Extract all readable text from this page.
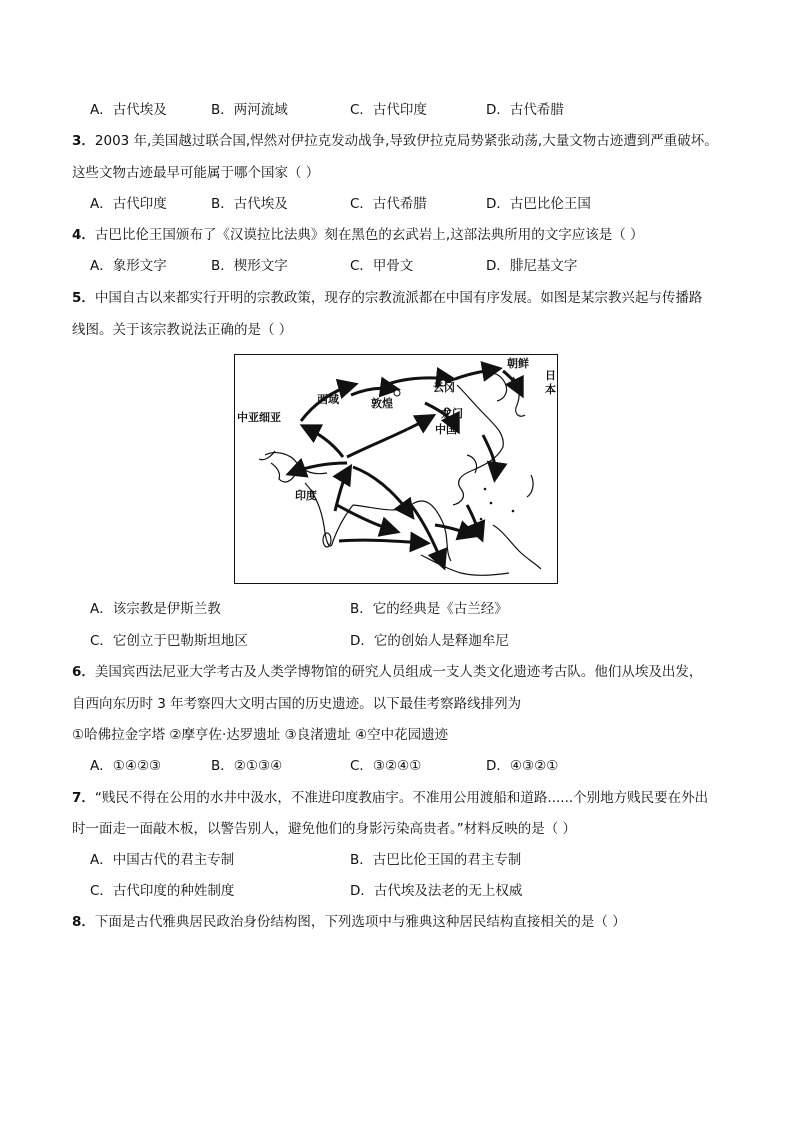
A．古代埃及	B．两河流域	C．古代印度	D．古代希腊
3．2003 年,美国越过联合国,悍然对伊拉克发动战争,导致伊拉克局势紧张动荡,大量文物古迹遭到严重破坏。
这些文物古迹最早可能属于哪个国家（ ）
A．古代印度	B．古代埃及	C．古代希腊	D．古巴比伦王国
4．古巴比伦王国颁布了《汉谟拉比法典》刻在黑色的玄武岩上,这部法典所用的文字应该是（ ）
A．象形文字	B．楔形文字	C．甲骨文	D．腓尼基文字
5．中国自古以来都实行开明的宗教政策，现存的宗教流派都在中国有序发展。如图是某宗教兴起与传播路
线图。关于该宗教说法正确的是（ ）
朝鲜
日
本
西域
云冈
敦煌
龙门
中国
中亚细亚
印度
A．该宗教是伊斯兰教	B．它的经典是《古兰经》
C．它创立于巴勒斯坦地区	D．它的创始人是释迦牟尼
6．美国宾西法尼亚大学考古及人类学博物馆的研究人员组成一支人类文化遗迹考古队。他们从埃及出发，
自西向东历时 3 年考察四大文明古国的历史遗迹。以下最佳考察路线排列为
①哈佛拉金字塔 ②摩亨佐·达罗遗址 ③良渚遗址 ④空中花园遗迹
A．①④②③	B．②①③④	C．③②④①	D．④③②①
7．“贱民不得在公用的水井中汲水，不准进印度教庙宇。不准用公用渡船和道路......个别地方贱民要在外出
时一面走一面敲木板，以警告别人，避免他们的身影污染高贵者。”材料反映的是（ ）
A．中国古代的君主专制	B．古巴比伦王国的君主专制
C．古代印度的种姓制度	D．古代埃及法老的无上权威
8．下面是古代雅典居民政治身份结构图，下列选项中与雅典这种居民结构直接相关的是（ ）
